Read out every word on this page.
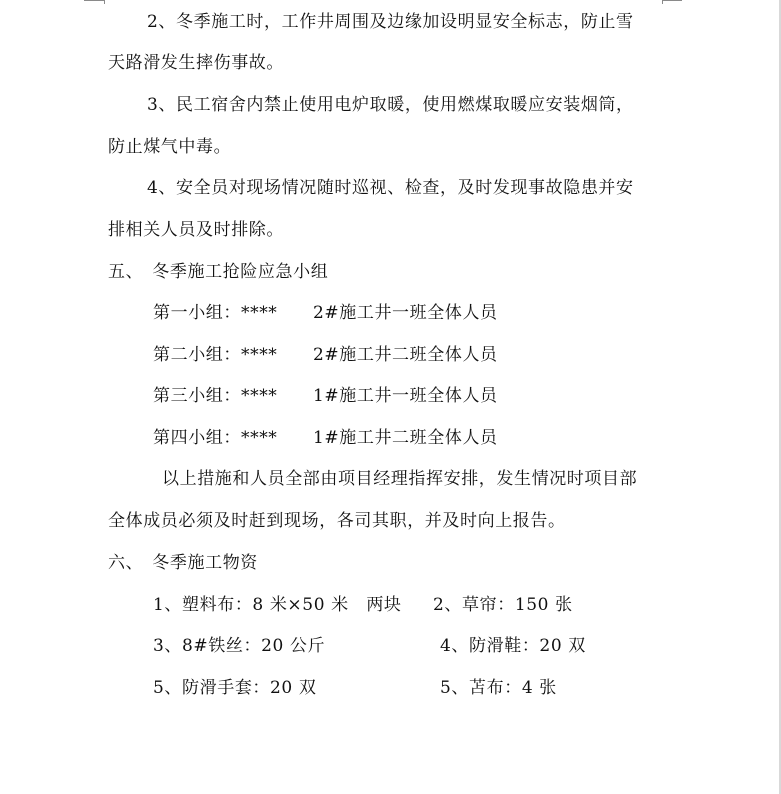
2、冬季施工时，工作井周围及边缘加设明显安全标志，防止雪
天路滑发生摔伤事故。
3、民工宿舍内禁止使用电炉取暖，使用燃煤取暖应安装烟筒，
防止煤气中毒。
4、安全员对现场情况随时巡视、检查，及时发现事故隐患并安
排相关人员及时排除。
五、　冬季施工抢险应急小组
第一小组：**** 2#施工井一班全体人员
第二小组：**** 2#施工井二班全体人员
第三小组：**** 1#施工井一班全体人员
第四小组：**** 1#施工井二班全体人员
以上措施和人员全部由项目经理指挥安排，发生情况时项目部
全体成员必须及时赶到现场，各司其职，并及时向上报告。
六、　冬季施工物资
1、塑料布：8 米×50 米　两块 2、草帘：150 张
3、8#铁丝：20 公斤	4、防滑鞋：20 双
5、防滑手套：20 双	5、苫布：4 张
